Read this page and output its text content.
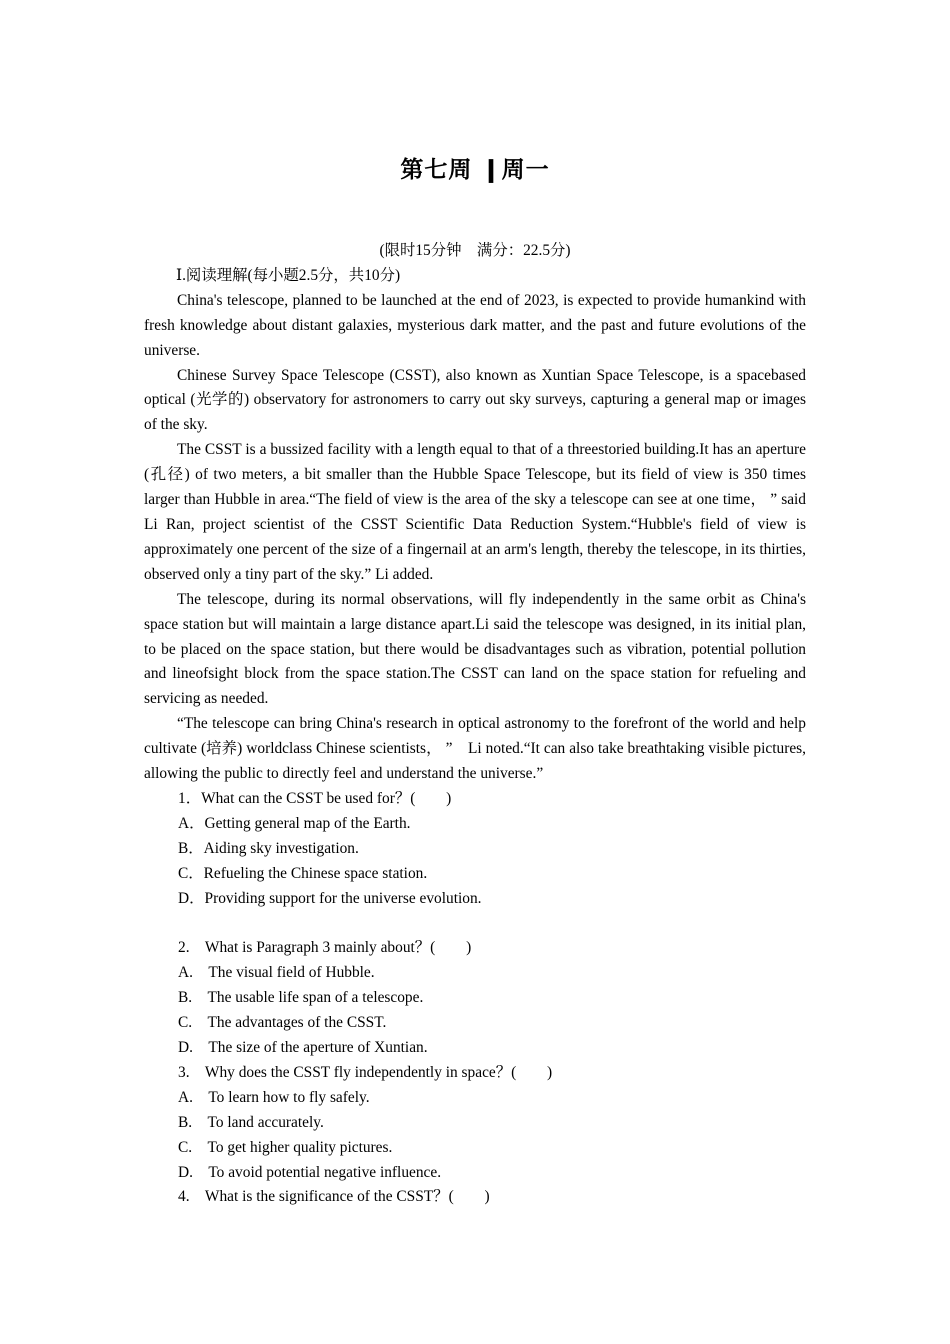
第七周 ❙周一

(限时15分钟　满分：22.5分)

Ⅰ.阅读理解(每小题2.5分，共10分)

China's telescope, planned to be launched at the end of 2023, is expected to provide humankind with fresh knowledge about distant galaxies, mysterious dark matter, and the past and future evolutions of the universe.

Chinese Survey Space Telescope (CSST), also known as Xuntian Space Telescope, is a spacebased optical (光学的) observatory for astronomers to carry out sky surveys, capturing a general map or images of the sky.

The CSST is a bussized facility with a length equal to that of a threestoried building.It has an aperture (孔径) of two meters, a bit smaller than the Hubble Space Telescope, but its field of view is 350 times larger than Hubble in area.“The field of view is the area of the sky a telescope can see at one time， ” said Li Ran, project scientist of the CSST Scientific Data Reduction System.“Hubble's field of view is approximately one percent of the size of a fingernail at an arm's length, thereby the telescope, in its thirties, observed only a tiny part of the sky.” Li added.

The telescope, during its normal observations, will fly independently in the same orbit as China's space station but will maintain a large distance apart.Li said the telescope was designed, in its initial plan, to be placed on the space station, but there would be disadvantages such as vibration, potential pollution and lineofsight block from the space station.The CSST can land on the space station for refueling and servicing as needed.

“The telescope can bring China's research in optical astronomy to the forefront of the world and help cultivate (培养) worldclass Chinese scientists， ”　Li noted.“It can also take breathtaking visible pictures, allowing the public to directly feel and understand the universe.”

1．What can the CSST be used for？(　　)

A．Getting general map of the Earth.

B．Aiding sky investigation.

C．Refueling the Chinese space station.

D．Providing support for the universe evolution.

2.　What is Paragraph 3 mainly about？(　　)

A.　The visual field of Hubble.

B.　The usable life span of a telescope.

C.　The advantages of the CSST.

D.　The size of the aperture of Xuntian.

3.　Why does the CSST fly independently in space？(　　)

A.　To learn how to fly safely.

B.　To land accurately.

C.　To get higher quality pictures.

D.　To avoid potential negative influence.

4.　What is the significance of the CSST？(　　)
